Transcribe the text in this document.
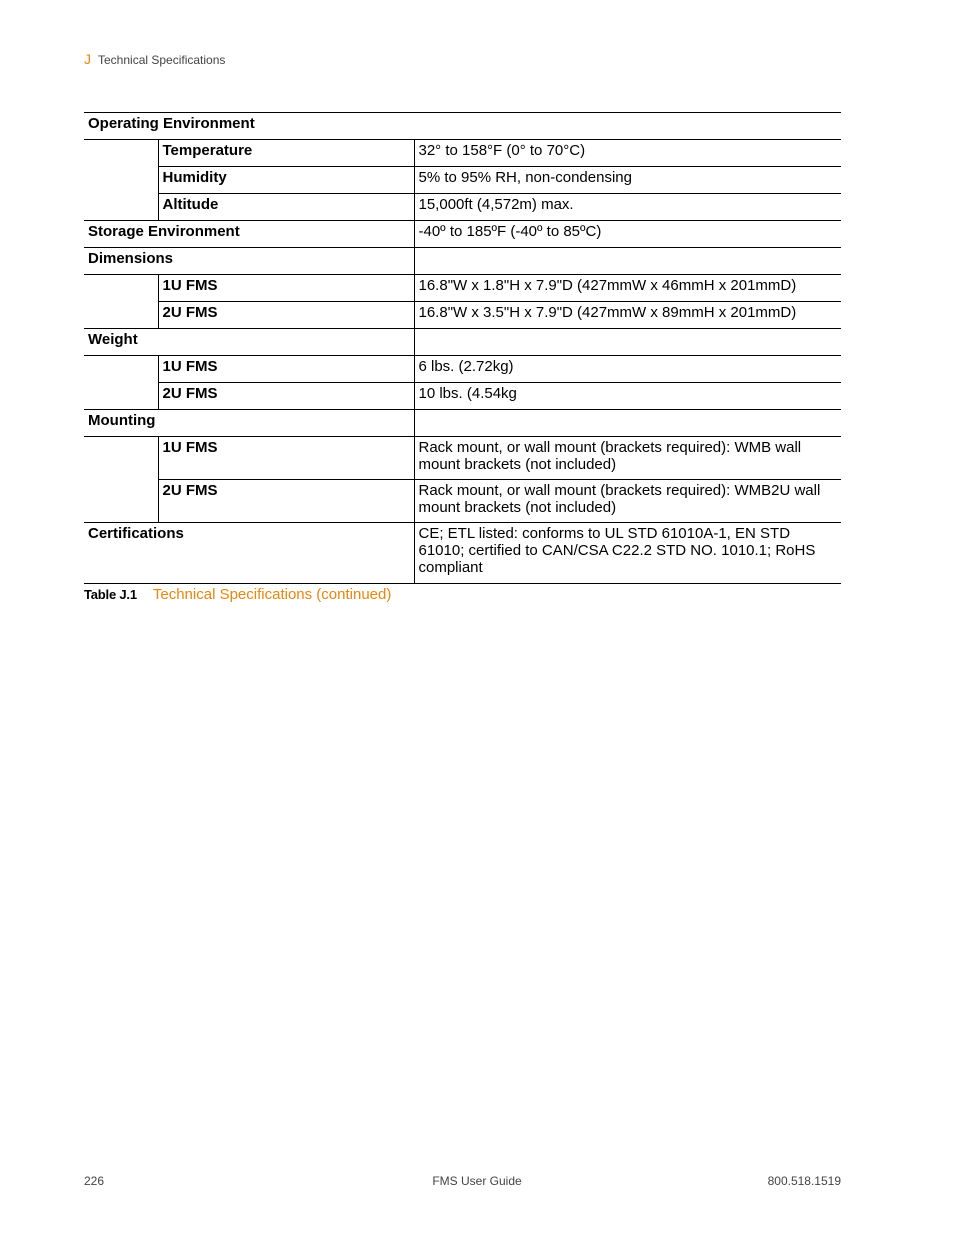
J Technical Specifications
Operating Environment		
	Temperature	32° to 158°F (0° to 70°C)
	Humidity	5% to 95% RH, non-condensing
	Altitude	15,000ft (4,572m) max.
Storage Environment		-40º to 185ºF (-40º to 85ºC)
Dimensions		
	1U FMS	16.8"W x 1.8"H x 7.9"D (427mmW x 46mmH x 201mmD)
	2U FMS	16.8"W x 3.5"H x 7.9"D (427mmW x 89mmH x 201mmD)
Weight		
	1U FMS	6 lbs. (2.72kg)
	2U FMS	10 lbs. (4.54kg
Mounting		
	1U FMS	Rack mount, or wall mount (brackets required): WMB wall mount brackets (not included)
	2U FMS	Rack mount, or wall mount (brackets required): WMB2U wall mount brackets (not included)
Certifications		CE; ETL listed: conforms to UL STD 61010A-1, EN STD 61010; certified to CAN/CSA C22.2 STD NO. 1010.1; RoHS compliant
Table J.1 Technical Specifications (continued)
226	FMS User Guide	800.518.1519
